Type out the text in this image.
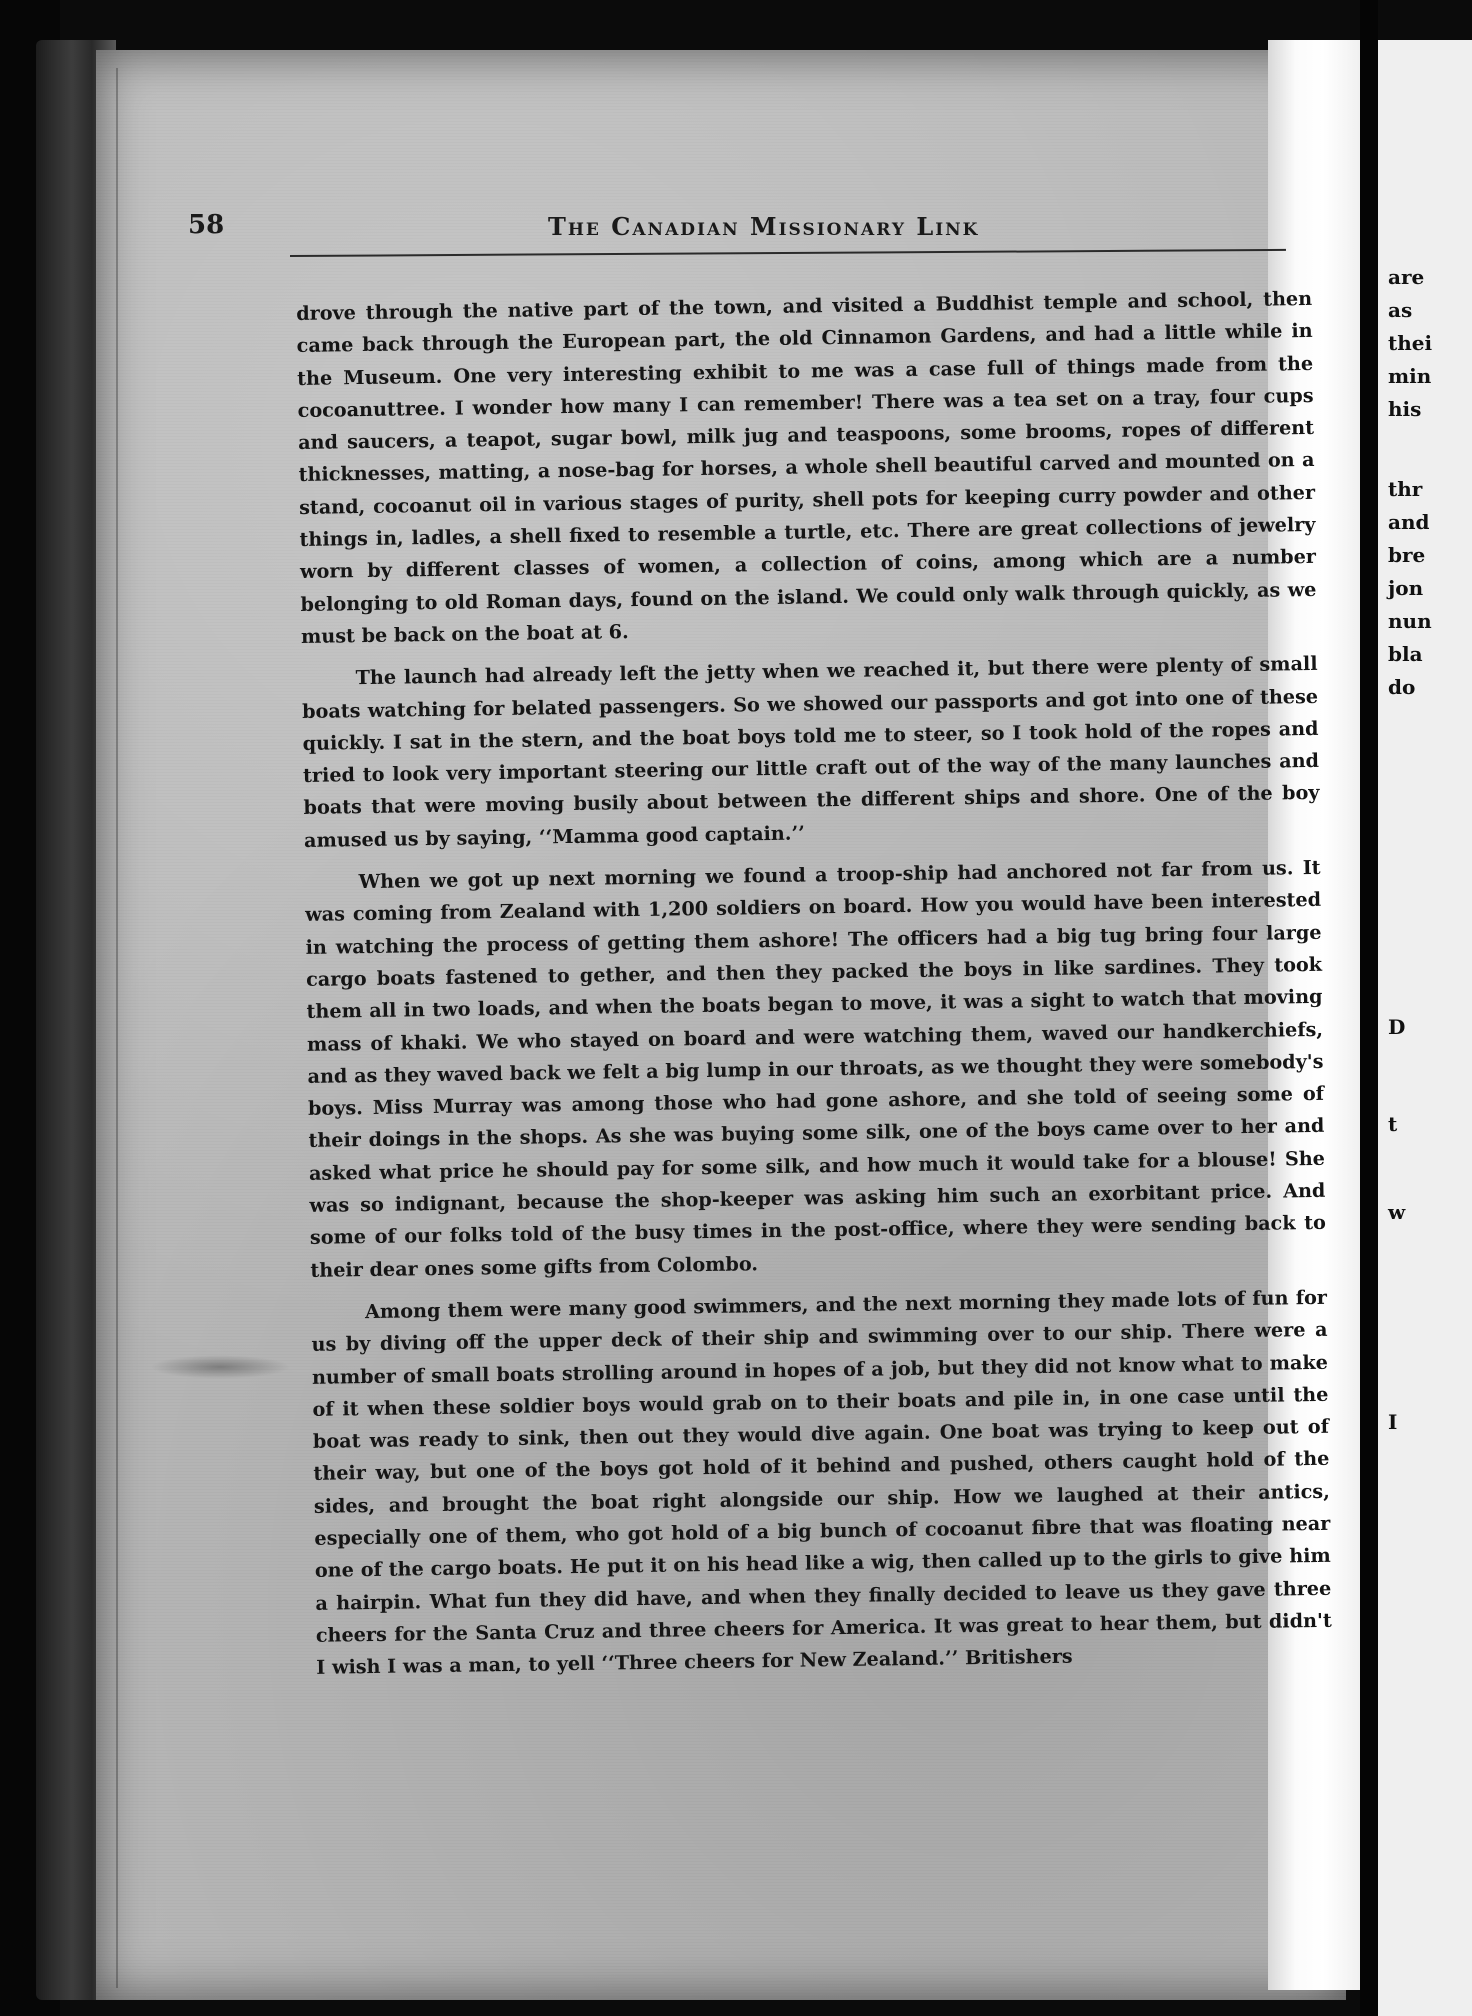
are
as
thei
min
his
thr
and
bre
jon
nun
bla
do
D
t
w
I
58	The Canadian Missionary Link

drove through the native part of the town, and visited a Buddhist temple and school, then came back through the European part, the old Cinnamon Gardens, and had a little while in the Museum. One very interesting exhibit to me was a case full of things made from the cocoanuttree. I wonder how many I can remember! There was a tea set on a tray, four cups and saucers, a teapot, sugar bowl, milk jug and teaspoons, some brooms, ropes of different thicknesses, matting, a nose-bag for horses, a whole shell beautiful carved and mounted on a stand, cocoanut oil in various stages of purity, shell pots for keeping curry powder and other things in, ladles, a shell fixed to resemble a turtle, etc. There are great collections of jewelry worn by different classes of women, a collection of coins, among which are a number belonging to old Roman days, found on the island. We could only walk through quickly, as we must be back on the boat at 6.

The launch had already left the jetty when we reached it, but there were plenty of small boats watching for belated passengers. So we showed our passports and got into one of these quickly. I sat in the stern, and the boat boys told me to steer, so I took hold of the ropes and tried to look very important steering our little craft out of the way of the many launches and boats that were moving busily about between the different ships and shore. One of the boy amused us by saying, ‘‘Mamma good captain.’’

When we got up next morning we found a troop-ship had anchored not far from us. It was coming from Zealand with 1,200 soldiers on board. How you would have been interested in watching the process of getting them ashore! The officers had a big tug bring four large cargo boats fastened to gether, and then they packed the boys in like sardines. They took them all in two loads, and when the boats began to move, it was a sight to watch that moving mass of khaki. We who stayed on board and were watching them, waved our handkerchiefs, and as they waved back we felt a big lump in our throats, as we thought they were somebody's boys. Miss Murray was among those who had gone ashore, and she told of seeing some of their doings in the shops. As she was buying some silk, one of the boys came over to her and asked what price he should pay for some silk, and how much it would take for a blouse! She was so indignant, because the shop-keeper was asking him such an exorbitant price. And some of our folks told of the busy times in the post-office, where they were sending back to their dear ones some gifts from Colombo.

Among them were many good swimmers, and the next morning they made lots of fun for us by diving off the upper deck of their ship and swimming over to our ship. There were a number of small boats strolling around in hopes of a job, but they did not know what to make of it when these soldier boys would grab on to their boats and pile in, in one case until the boat was ready to sink, then out they would dive again. One boat was trying to keep out of their way, but one of the boys got hold of it behind and pushed, others caught hold of the sides, and brought the boat right alongside our ship. How we laughed at their antics, especially one of them, who got hold of a big bunch of cocoanut fibre that was floating near one of the cargo boats. He put it on his head like a wig, then called up to the girls to give him a hairpin. What fun they did have, and when they finally decided to leave us they gave three cheers for the Santa Cruz and three cheers for America. It was great to hear them, but didn't I wish I was a man, to yell ‘‘Three cheers for New Zealand.’’ Britishers
